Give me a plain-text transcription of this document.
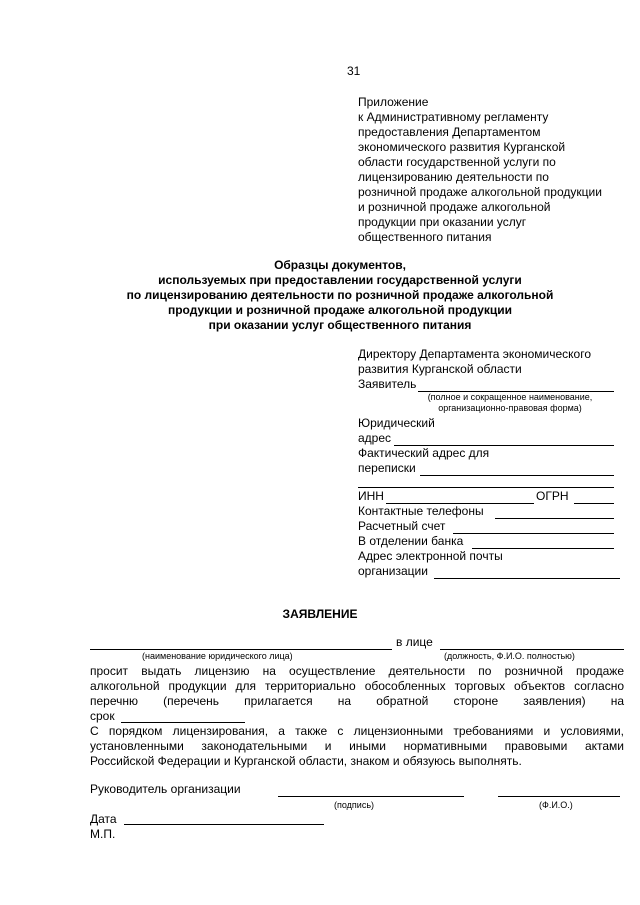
31
Приложение
к Административному регламенту
предоставления Департаментом
экономического развития Курганской
области государственной услуги по
лицензированию деятельности по
розничной продаже алкогольной продукции
и розничной продаже алкогольной
продукции при оказании услуг
общественного питания
Образцы документов,
используемых при предоставлении государственной услуги
по лицензированию деятельности по розничной продаже алкогольной
продукции и розничной продаже алкогольной продукции
при оказании услуг общественного питания
Директору Департамента экономического
развития Курганской области
Заявитель
(полное и сокращенное наименование,
организационно-правовая форма)
Юридический
адрес
Фактический адрес для
переписки
ИНН	ОГРН
Контактные телефоны
Расчетный счет
В отделении банка
Адрес электронной почты
организации
ЗАЯВЛЕНИЕ
в лице
(наименование юридического лица)	(должность, Ф.И.О. полностью)
просит выдать лицензию на осуществление деятельности по розничной продаже
алкогольной продукции для территориально обособленных торговых объектов согласно
перечню (перечень прилагается на обратной стороне заявления) на
срок
С порядком лицензирования, а также с лицензионными требованиями и условиями,
установленными законодательными и иными нормативными правовыми актами
Российской Федерации и Курганской области, знаком и обязуюсь выполнять.
Руководитель организации
(подпись)	(Ф.И.О.)
Дата
М.П.
